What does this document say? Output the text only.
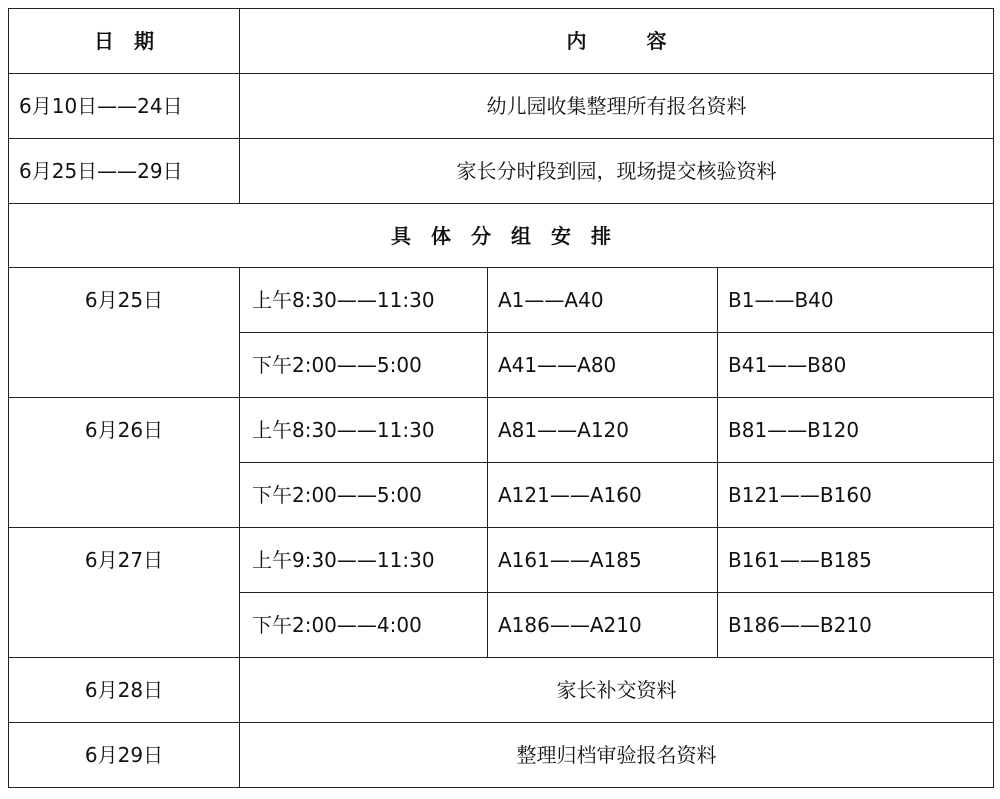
日　期	内　　　容		
6月10日——24日	幼儿园收集整理所有报名资料		
6月25日——29日	家长分时段到园，现场提交核验资料		
具　体　分　组　安　排			
6月25日	上午8:30——11:30	A1——A40	B1——B40
	下午2:00——5:00	A41——A80	B41——B80
6月26日	上午8:30——11:30	A81——A120	B81——B120
	下午2:00——5:00	A121——A160	B121——B160
6月27日	上午9:30——11:30	A161——A185	B161——B185
	下午2:00——4:00	A186——A210	B186——B210
6月28日	家长补交资料		
6月29日	整理归档审验报名资料		
